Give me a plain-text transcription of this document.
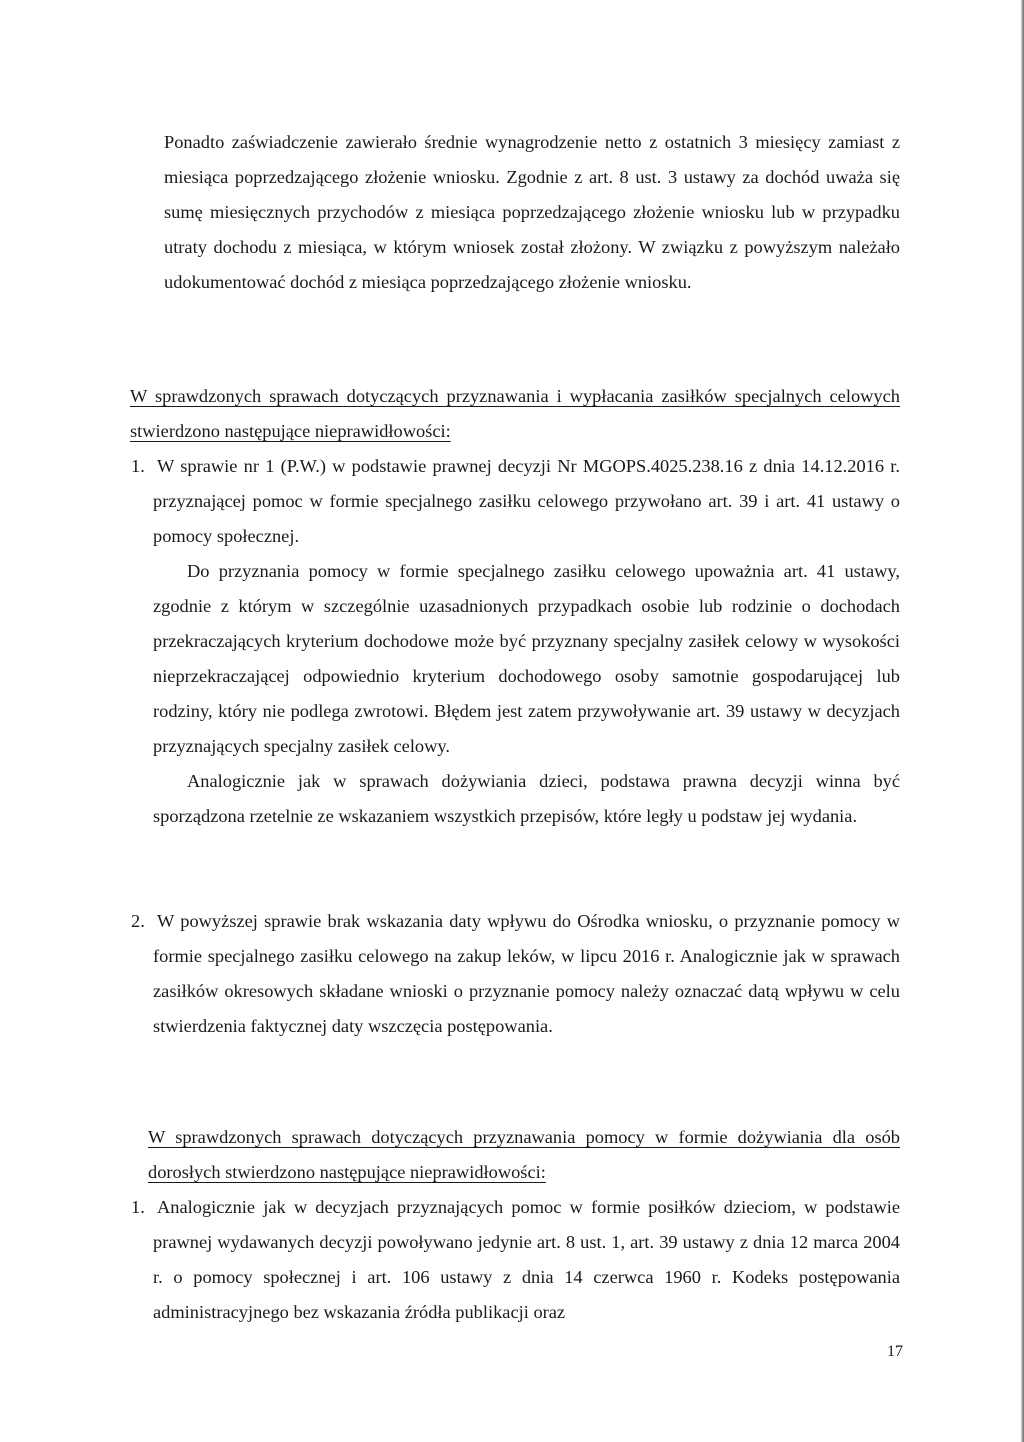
Ponadto zaświadczenie zawierało średnie wynagrodzenie netto z ostatnich 3 miesięcy zamiast z miesiąca poprzedzającego złożenie wniosku. Zgodnie z art. 8 ust. 3 ustawy za dochód uważa się sumę miesięcznych przychodów z miesiąca poprzedzającego złożenie wniosku lub w przypadku utraty dochodu z miesiąca, w którym wniosek został złożony. W związku z powyższym należało udokumentować dochód z miesiąca poprzedzającego złożenie wniosku.

W sprawdzonych sprawach dotyczących przyznawania i wypłacania zasiłków specjalnych celowych stwierdzono następujące nieprawidłowości:

1. W sprawie nr 1 (P.W.) w podstawie prawnej decyzji Nr MGOPS.4025.238.16 z dnia 14.12.2016 r. przyznającej pomoc w formie specjalnego zasiłku celowego przywołano art. 39 i art. 41 ustawy o pomocy społecznej.

Do przyznania pomocy w formie specjalnego zasiłku celowego upoważnia art. 41 ustawy, zgodnie z którym w szczególnie uzasadnionych przypadkach osobie lub rodzinie o dochodach przekraczających kryterium dochodowe może być przyznany specjalny zasiłek celowy w wysokości nieprzekraczającej odpowiednio kryterium dochodowego osoby samotnie gospodarującej lub rodziny, który nie podlega zwrotowi. Błędem jest zatem przywoływanie art. 39 ustawy w decyzjach przyznających specjalny zasiłek celowy.

Analogicznie jak w sprawach dożywiania dzieci, podstawa prawna decyzji winna być sporządzona rzetelnie ze wskazaniem wszystkich przepisów, które legły u podstaw jej wydania.

2. W powyższej sprawie brak wskazania daty wpływu do Ośrodka wniosku, o przyznanie pomocy w formie specjalnego zasiłku celowego na zakup leków, w lipcu 2016 r. Analogicznie jak w sprawach zasiłków okresowych składane wnioski o przyznanie pomocy należy oznaczać datą wpływu w celu stwierdzenia faktycznej daty wszczęcia postępowania.

W sprawdzonych sprawach dotyczących przyznawania pomocy w formie dożywiania dla osób dorosłych stwierdzono następujące nieprawidłowości:

1. Analogicznie jak w decyzjach przyznających pomoc w formie posiłków dzieciom, w podstawie prawnej wydawanych decyzji powoływano jedynie art. 8 ust. 1, art. 39 ustawy z dnia 12 marca 2004 r. o pomocy społecznej i art. 106 ustawy z dnia 14 czerwca 1960 r. Kodeks postępowania administracyjnego bez wskazania źródła publikacji oraz

17
